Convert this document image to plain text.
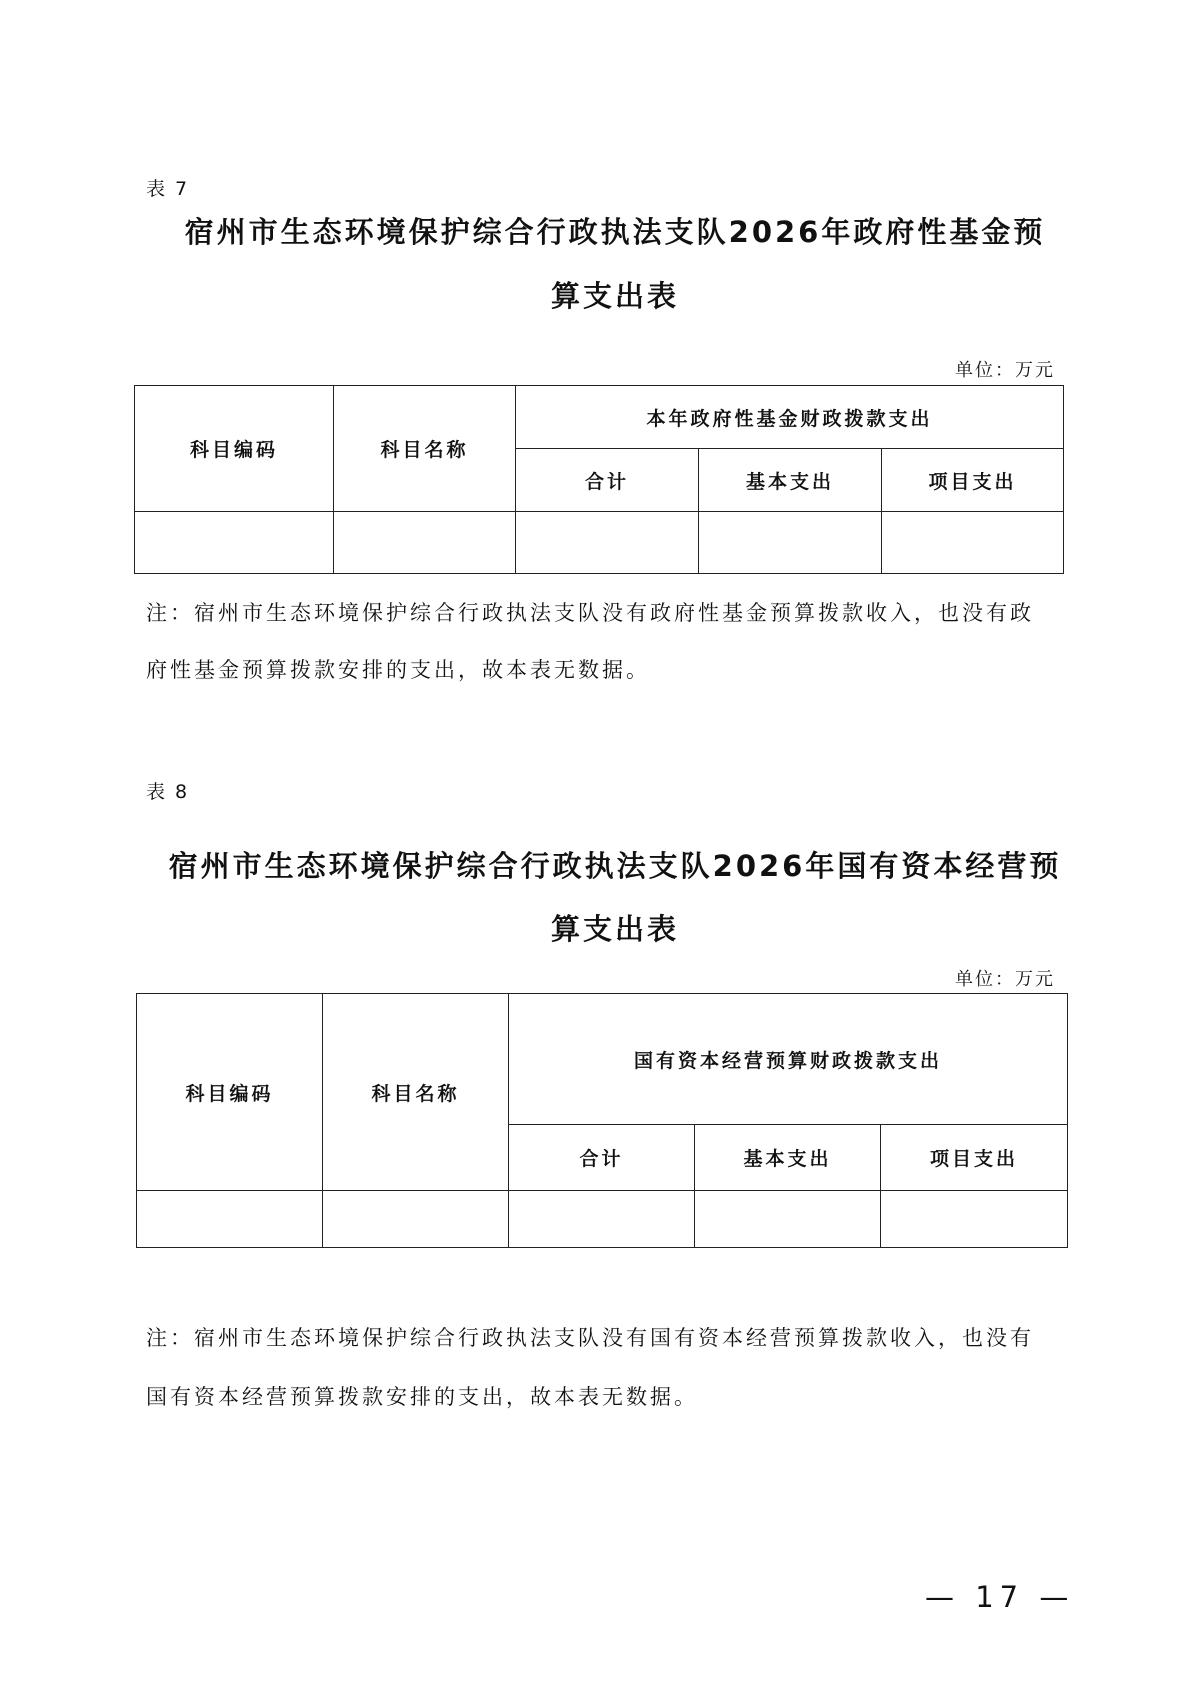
表 7
宿州市生态环境保护综合行政执法支队2026年政府性基金预
算支出表
单位：万元
科目编码	科目名称	本年政府性基金财政拨款支出		
		合计	基本支出	项目支出

注：宿州市生态环境保护综合行政执法支队没有政府性基金预算拨款收入，也没有政
府性基金预算拨款安排的支出，故本表无数据。
表 8
宿州市生态环境保护综合行政执法支队2026年国有资本经营预
算支出表
单位：万元
科目编码	科目名称	国有资本经营预算财政拨款支出		
		合计	基本支出	项目支出

注：宿州市生态环境保护综合行政执法支队没有国有资本经营预算拨款收入，也没有
国有资本经营预算拨款安排的支出，故本表无数据。
— 17 —
